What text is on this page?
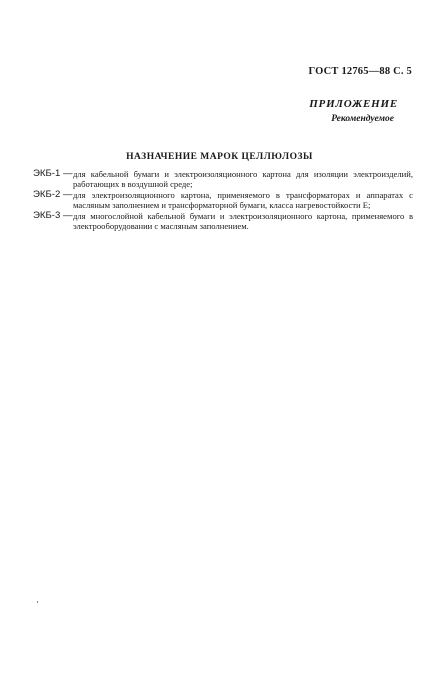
ГОСТ 12765—88 С. 5
ПРИЛОЖЕНИЕ
Рекомендуемое
НАЗНАЧЕНИЕ МАРОК ЦЕЛЛЮЛОЗЫ
ЭКБ-1 — для кабельной бумаги и электроизоляционного картона для изоляции электроизделий, работающих в воздушной среде;
ЭКБ-2 — для электроизоляционного картона, применяемого в трансформаторах и аппаратах с масляным заполнением и трансформаторной бумаги, класса нагревостойкости Е;
ЭКБ-3 — для многослойной кабельной бумаги и электроизоляционного картона, применяемого в электрооборудовании с масляным заполнением.
